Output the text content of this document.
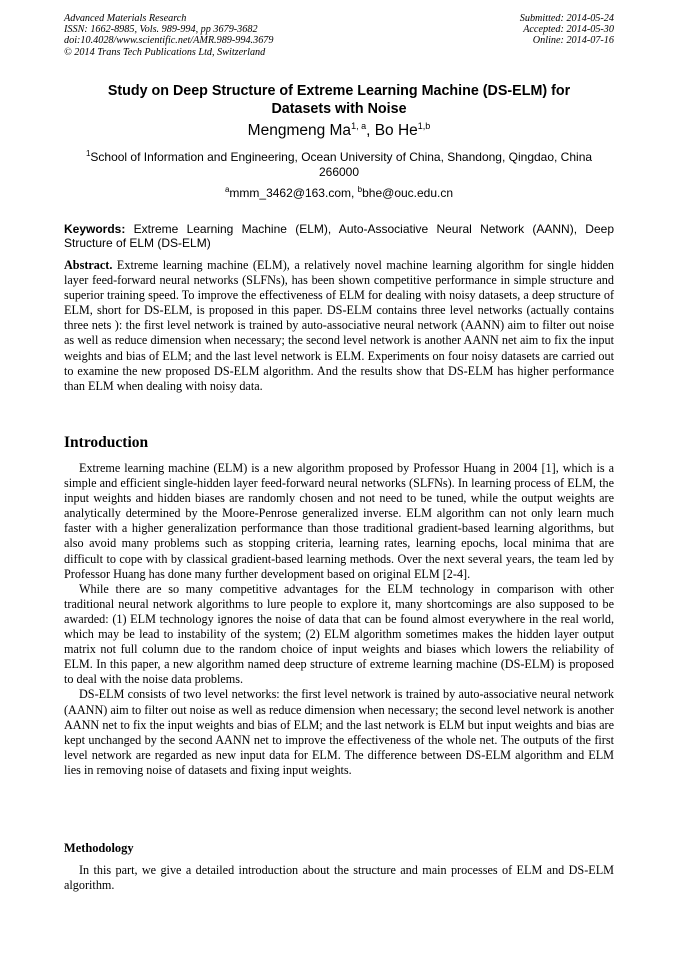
Advanced Materials Research
ISSN: 1662-8985, Vols. 989-994, pp 3679-3682
doi:10.4028/www.scientific.net/AMR.989-994.3679
© 2014 Trans Tech Publications Ltd, Switzerland
Submitted: 2014-05-24
Accepted: 2014-05-30
Online: 2014-07-16
Study on Deep Structure of Extreme Learning Machine (DS-ELM) for
Datasets with Noise
Mengmeng Ma$^{1, a}$, Bo He$^{1,b}$
$^1$School of Information and Engineering, Ocean University of China, Shandong, Qingdao, China
266000
$^a$mmm_3462@163.com, $^b$bhe@ouc.edu.cn
Keywords: Extreme Learning Machine (ELM), Auto-Associative Neural Network (AANN), Deep Structure of ELM (DS-ELM)
Abstract. Extreme learning machine (ELM), a relatively novel machine learning algorithm for single hidden layer feed-forward neural networks (SLFNs), has been shown competitive performance in simple structure and superior training speed. To improve the effectiveness of ELM for dealing with noisy datasets, a deep structure of ELM, short for DS-ELM, is proposed in this paper. DS-ELM contains three level networks (actually contains three nets ): the first level network is trained by auto-associative neural network (AANN) aim to filter out noise as well as reduce dimension when necessary; the second level network is another AANN net aim to fix the input weights and bias of ELM; and the last level network is ELM. Experiments on four noisy datasets are carried out to examine the new proposed DS-ELM algorithm. And the results show that DS-ELM has higher performance than ELM when dealing with noisy data.
Introduction

Extreme learning machine (ELM) is a new algorithm proposed by Professor Huang in 2004 [1], which is a simple and efficient single-hidden layer feed-forward neural networks (SLFNs). In learning process of ELM, the input weights and hidden biases are randomly chosen and not need to be tuned, while the output weights are analytically determined by the Moore-Penrose generalized inverse. ELM algorithm can not only learn much faster with a higher generalization performance than those traditional gradient-based learning algorithms, but also avoid many problems such as stopping criteria, learning rates, learning epochs, local minima that are difficult to cope with by classical gradient-based learning methods. Over the next several years, the team led by Professor Huang has done many further development based on original ELM [2-4].

While there are so many competitive advantages for the ELM technology in comparison with other traditional neural network algorithms to lure people to explore it, many shortcomings are also supposed to be awarded: (1) ELM technology ignores the noise of data that can be found almost everywhere in the real world, which may be lead to instability of the system; (2) ELM algorithm sometimes makes the hidden layer output matrix not full column due to the random choice of input weights and biases which lowers the reliability of ELM. In this paper, a new algorithm named deep structure of extreme learning machine (DS-ELM) is proposed to deal with the noise data problems.

DS-ELM consists of two level networks: the first level network is trained by auto-associative neural network (AANN) aim to filter out noise as well as reduce dimension when necessary; the second level network is another AANN net to fix the input weights and bias of ELM; and the last network is ELM but input weights and bias are kept unchanged by the second AANN net to improve the effectiveness of the whole net. The outputs of the first level network are regarded as new input data for ELM. The difference between DS-ELM algorithm and ELM lies in removing noise of datasets and fixing input weights.

Methodology

In this part, we give a detailed introduction about the structure and main processes of ELM and DS-ELM algorithm.
